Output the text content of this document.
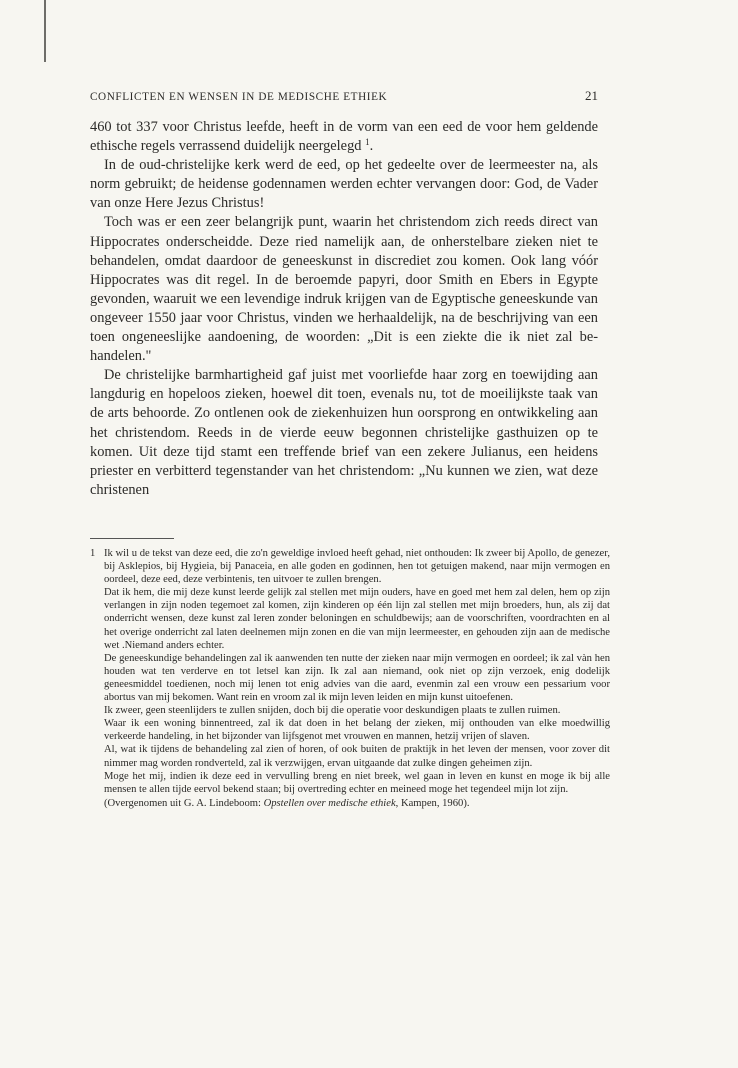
CONFLICTEN EN WENSEN IN DE MEDISCHE ETHIEK	21

460 tot 337 voor Christus leefde, heeft in de vorm van een eed de voor hem geldende ethische regels verrassend duidelijk neergelegd $^1$.

In de oud-christelijke kerk werd de eed, op het gedeelte over de leermeester na, als norm gebruikt; de heidense godennamen werden echter vervangen door: God, de Vader van onze Here Jezus Christus!

Toch was er een zeer belangrijk punt, waarin het christendom zich reeds direct van Hippocrates onderscheidde. Deze ried namelijk aan, de onherstelbare zieken niet te behandelen, omdat daardoor de geneeskunst in discrediet zou komen. Ook lang vóór Hippocrates was dit regel. In de beroemde papyri, door Smith en Ebers in Egypte gevonden, waaruit we een levendige indruk krijgen van de Egyptische geneeskunde van ongeveer 1550 jaar voor Christus, vinden we herhaaldelijk, na de beschrijving van een toen ongeneeslijke aandoening, de woorden: „Dit is een ziekte die ik niet zal behandelen."

De christelijke barmhartigheid gaf juist met voorliefde haar zorg en toewijding aan langdurig en hopeloos zieken, hoewel dit toen, evenals nu, tot de moeilijkste taak van de arts behoorde. Zo ontlenen ook de ziekenhuizen hun oorsprong en ontwikkeling aan het christendom. Reeds in de vierde eeuw begonnen christelijke gasthuizen op te komen. Uit deze tijd stamt een treffende brief van een zekere Julianus, een heidens priester en verbitterd tegenstander van het christendom: „Nu kunnen we zien, wat deze christenen

1 Ik wil u de tekst van deze eed, die zo'n geweldige invloed heeft gehad, niet onthouden: Ik zweer bij Apollo, de genezer, bij Asklepios, bij Hygieia, bij Panaceia, en alle goden en godinnen, hen tot getuigen makend, naar mijn vermogen en oordeel, deze eed, deze verbintenis, ten uitvoer te zullen brengen.

Dat ik hem, die mij deze kunst leerde gelijk zal stellen met mijn ouders, have en goed met hem zal delen, hem op zijn verlangen in zijn noden tegemoet zal komen, zijn kinderen op één lijn zal stellen met mijn broeders, hun, als zij dat onderricht wensen, deze kunst zal leren zonder beloningen en schuldbewijs; aan de voorschriften, voordrachten en al het overige onderricht zal laten deelnemen mijn zonen en die van mijn leermeester, en gehouden zijn aan de medische wet .Niemand anders echter.

De geneeskundige behandelingen zal ik aanwenden ten nutte der zieken naar mijn vermogen en oordeel; ik zal vàn hen houden wat ten verderve en tot letsel kan zijn. Ik zal aan niemand, ook niet op zijn verzoek, enig dodelijk geneesmiddel toedienen, noch mij lenen tot enig advies van die aard, evenmin zal een vrouw een pessarium voor abortus van mij bekomen. Want rein en vroom zal ik mijn leven leiden en mijn kunst uitoefenen.

Ik zweer, geen steenlijders te zullen snijden, doch bij die operatie voor deskundigen plaats te zullen ruimen.

Waar ik een woning binnentreed, zal ik dat doen in het belang der zieken, mij onthouden van elke moedwillig verkeerde handeling, in het bijzonder van lijfsgenot met vrouwen en mannen, hetzij vrijen of slaven.

Al, wat ik tijdens de behandeling zal zien of horen, of ook buiten de praktijk in het leven der mensen, voor zover dit nimmer mag worden rondverteld, zal ik verzwijgen, ervan uitgaande dat zulke dingen geheimen zijn.

Moge het mij, indien ik deze eed in vervulling breng en niet breek, wel gaan in leven en kunst en moge ik bij alle mensen te allen tijde eervol bekend staan; bij overtreding echter en meineed moge het tegendeel mijn lot zijn.

(Overgenomen uit G. A. Lindeboom: Opstellen over medische ethiek, Kampen, 1960).
